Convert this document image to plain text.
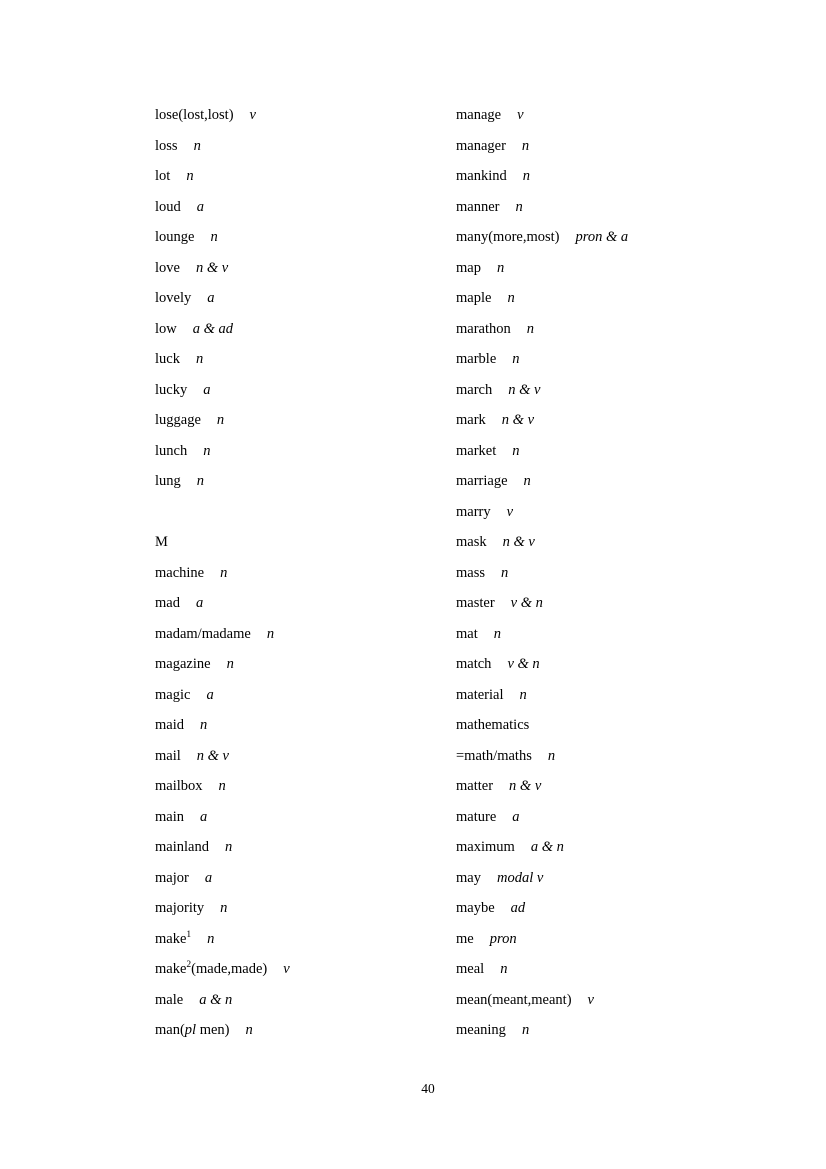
lose(lost,lost) v
loss n
lot n
loud a
lounge n
love n & v
lovely a
low a & ad
luck n
lucky a
luggage n
lunch n
lung n
M
machine n
mad a
madam/madame n
magazine n
magic a
maid n
mail n & v
mailbox n
main a
mainland n
major a
majority n
make$^1$ n
make$^2$(made,made) v
male a & n
man(pl men) n
manage v
manager n
mankind n
manner n
many(more,most) pron & a
map n
maple n
marathon n
marble n
march n & v
mark n & v
market n
marriage n
marry v
mask n & v
mass n
master v & n
mat n
match v & n
material n
mathematics
=math/maths n
matter n & v
mature a
maximum a & n
may modal v
maybe ad
me pron
meal n
mean(meant,meant) v
meaning n
40
